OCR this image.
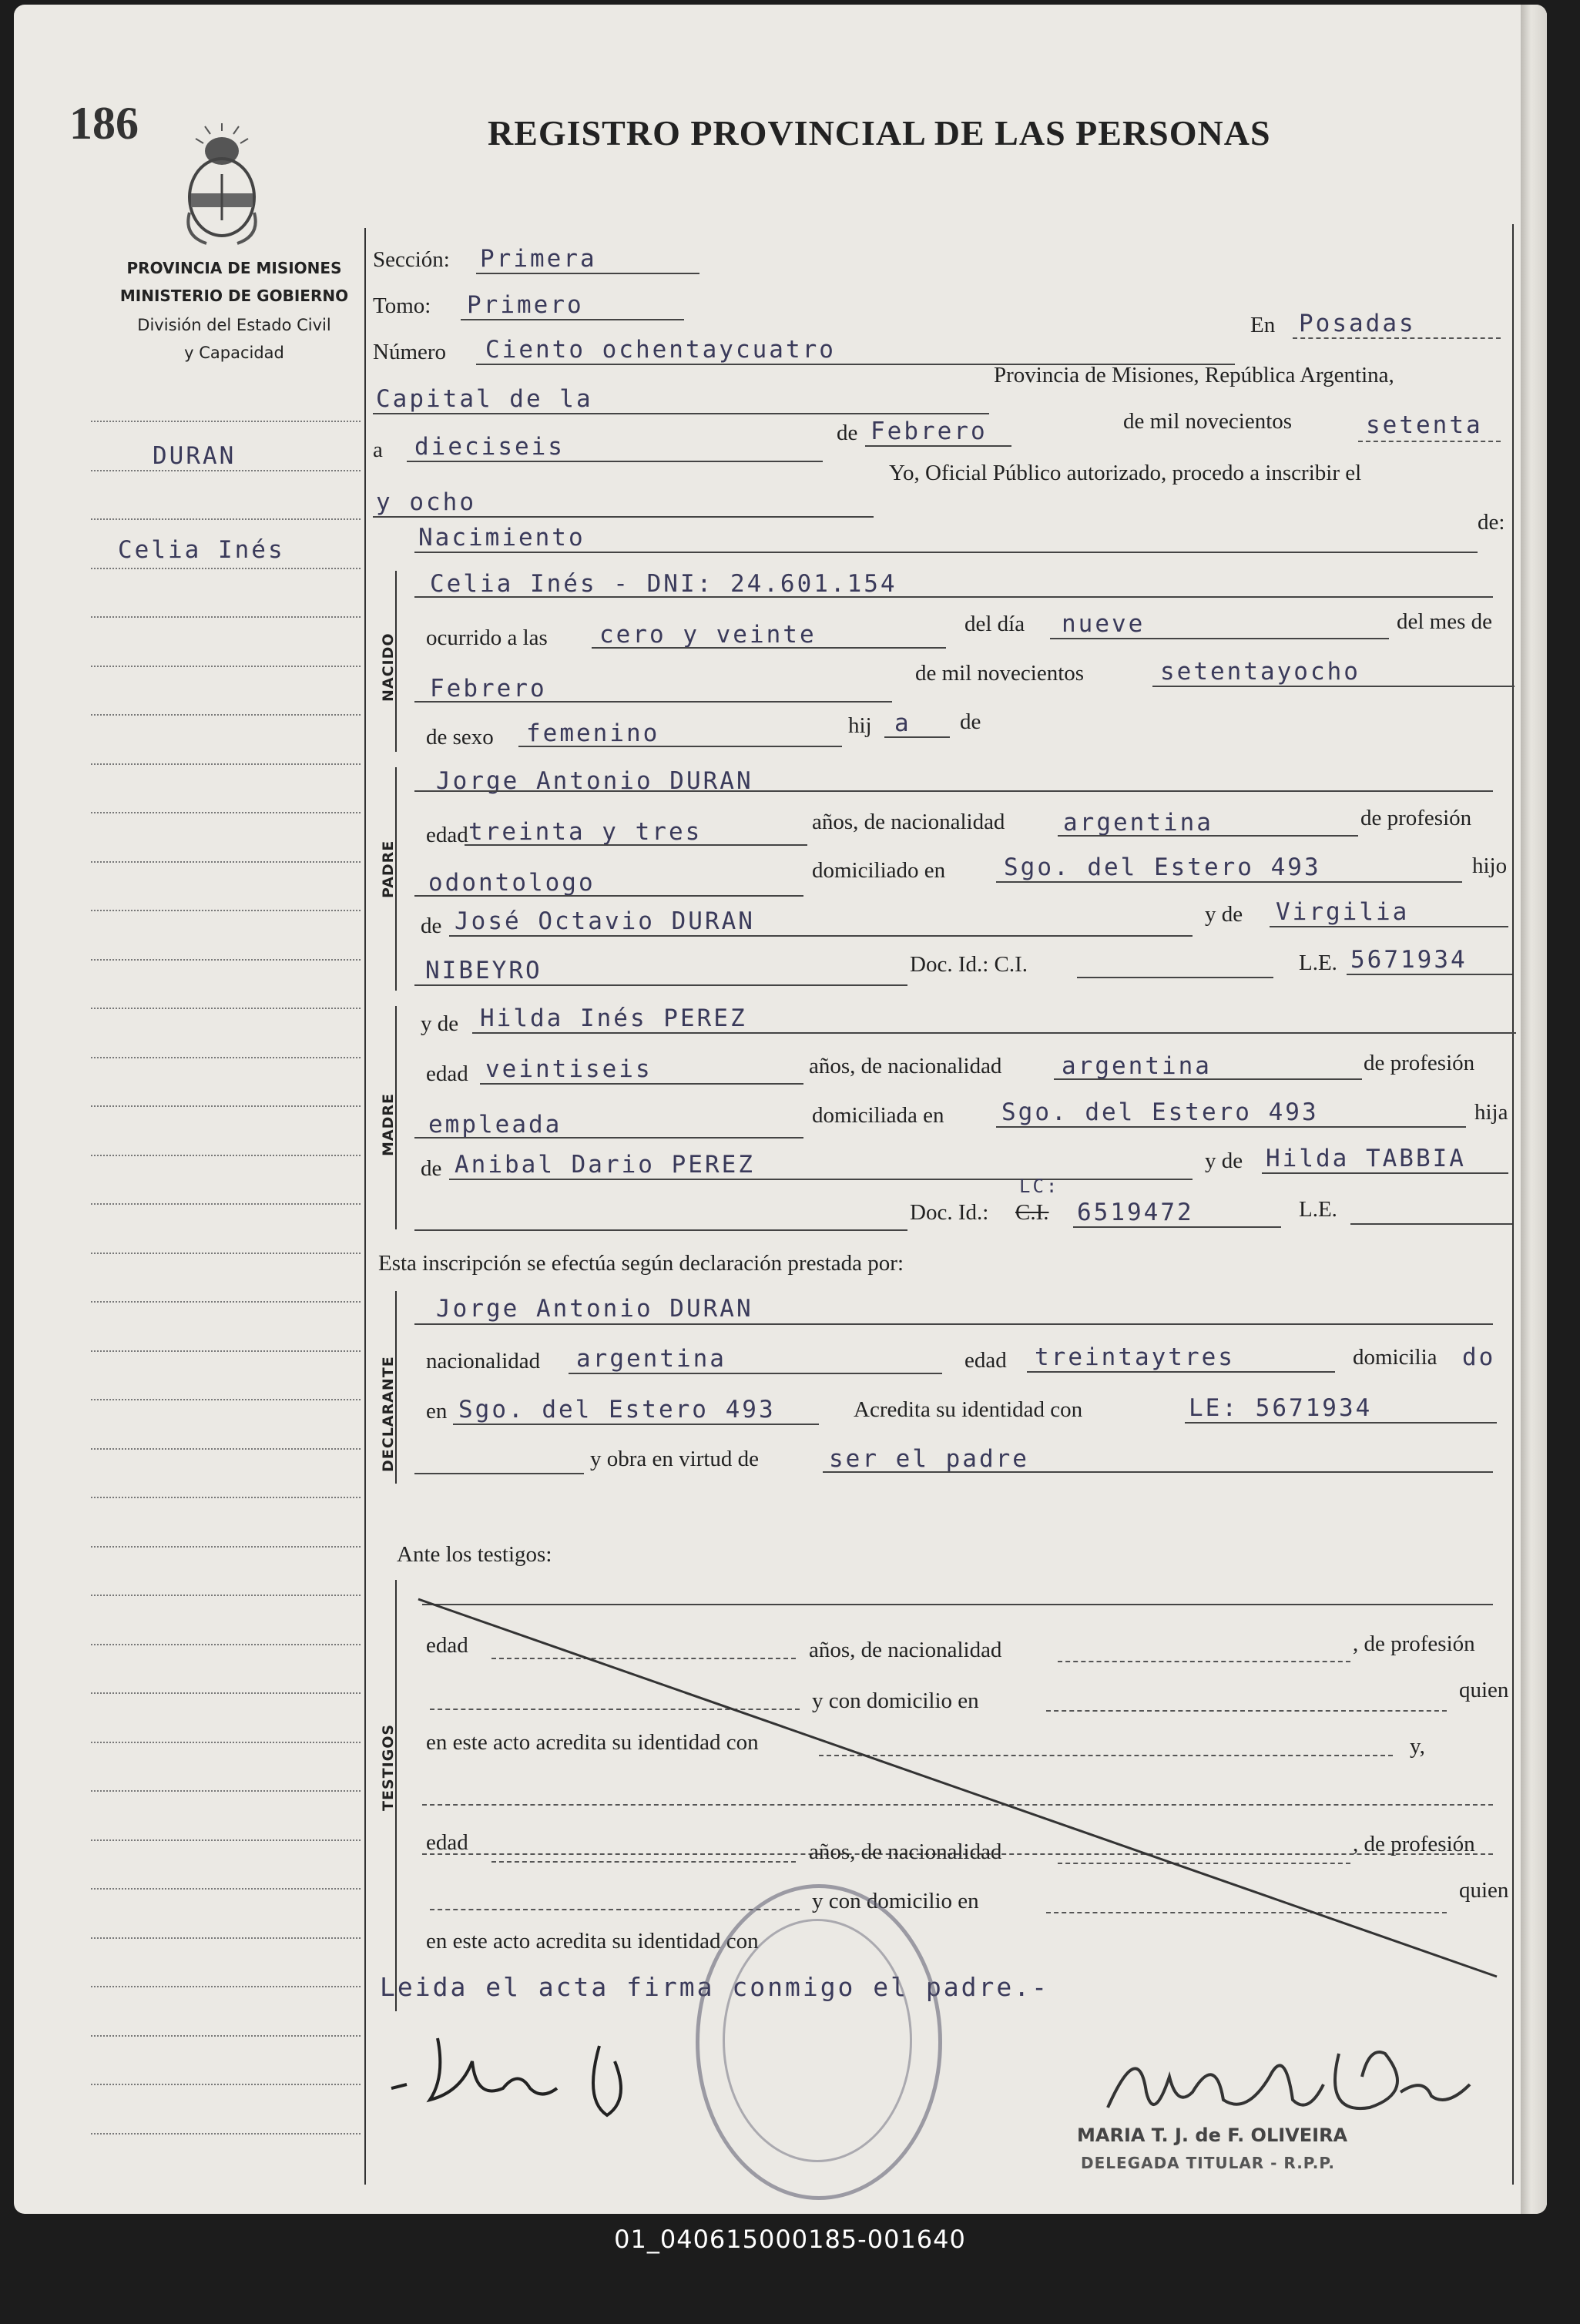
186	REGISTRO PROVINCIAL DE LAS PERSONAS
PROVINCIA DE MISIONES
MINISTERIO DE GOBIERNO
División del Estado Civil
y Capacidad
DURAN
Celia Inés
NACIDO
PADRE
MADRE
DECLARANTE
TESTIGOS
Sección: Primera
Tomo: Primero
Número Ciento ochentaycuatro
En Posadas
Capital de la
Provincia de Misiones, República Argentina,
a dieciseis	de Febrero	de mil novecientos	setenta
y ocho
Yo, Oficial Público autorizado, procedo a inscribir el
Nacimiento
de:
Celia Inés - DNI: 24.601.154
ocurrido a las cero y veinte	del día nueve	del mes de
Febrero
de mil novecientos	setentayocho
de sexo femenino	hij a de
Jorge Antonio DURAN
edad treinta y tres	años, de nacionalidad argentina	de profesión
odontologo	domiciliado en Sgo. del Estero 493	hijo
de José Octavio DURAN	y de Virgilia
NIBEYRO	Doc. Id.: C.I.	L.E. 5671934
y de Hilda Inés PEREZ
edad veintiseis	años, de nacionalidad	argentina	de profesión
empleada	domiciliada en Sgo. del Estero 493	hija
de Anibal Dario PEREZ	y de Hilda TABBIA
Doc. Id.:
LC:
C.I. 6519472	L.E.
Esta inscripción se efectúa según declaración prestada por:
Jorge Antonio DURAN
nacionalidad argentina	edad treintaytres	domicilia do
en Sgo. del Estero 493	Acredita su identidad con	LE: 5671934
y obra en virtud de	ser el padre
Ante los testigos:
edad	años, de nacionalidad	, de profesión
y con domicilio en	quien
en este acto acredita su identidad con	y,
edad	años, de nacionalidad	, de profesión
y con domicilio en	quien
en este acto acredita su identidad con
Leida el acta firma conmigo el padre.-
MARIA T. J. de F. OLIVEIRA
DELEGADA TITULAR - R.P.P.
01_040615000185-001640
